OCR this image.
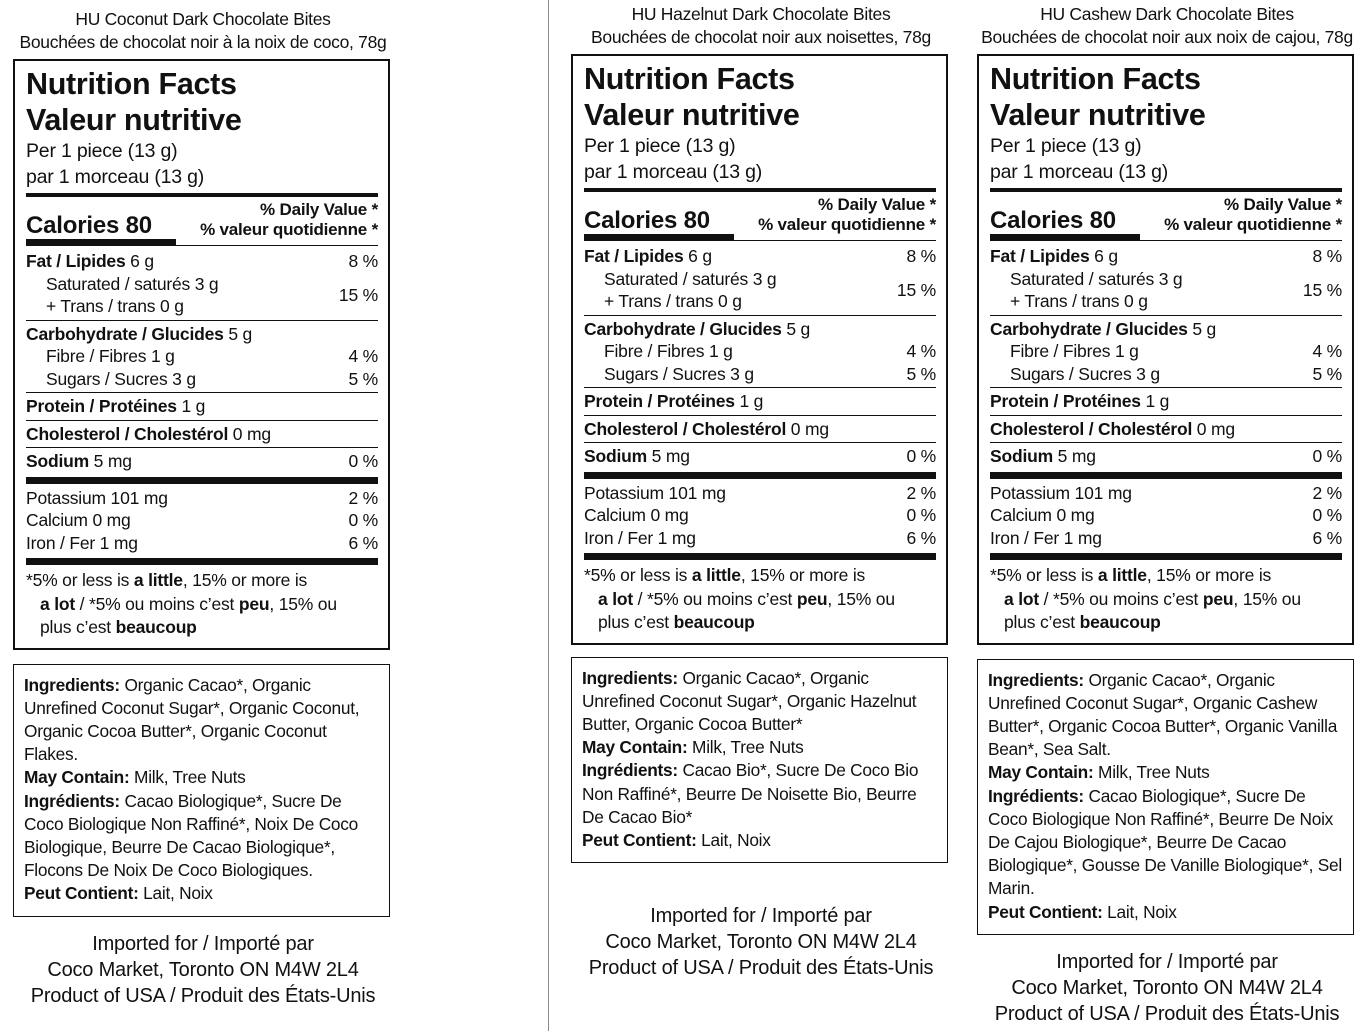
HU Coconut Dark Chocolate Bites
Bouchées de chocolat noir à la noix de coco, 78g
Nutrition Facts
Valeur nutritive
Per 1 piece (13 g)
par 1 morceau (13 g)
Calories 80
% Daily Value *
% valeur quotidienne *
Fat / Lipides 6 g	8 %
Saturated / saturés 3 g
+ Trans / trans 0 g
15 %
Carbohydrate / Glucides 5 g
Fibre / Fibres 1 g	4 %
Sugars / Sucres 3 g	5 %
Protein / Protéines 1 g
Cholesterol / Cholestérol 0 mg
Sodium 5 mg	0 %
Potassium 101 mg	2 %
Calcium 0 mg	0 %
Iron / Fer 1 mg	6 %
*5% or less is a little, 15% or more is
a lot / *5% ou moins c’est peu, 15% ou
plus c’est beaucoup
Ingredients: Organic Cacao*, Organic Unrefined Coconut Sugar*, Organic Coconut, Organic Cocoa Butter*, Organic Coconut Flakes.
May Contain: Milk, Tree Nuts
Ingrédients: Cacao Biologique*, Sucre De Coco Biologique Non Raffiné*, Noix De Coco Biologique, Beurre De Cacao Biologique*, Flocons De Noix De Coco Biologiques.
Peut Contient: Lait, Noix
Imported for / Importé par
Coco Market, Toronto ON M4W 2L4
Product of USA / Produit des États-Unis
HU Hazelnut Dark Chocolate Bites
Bouchées de chocolat noir aux noisettes, 78g
Nutrition Facts
Valeur nutritive
Per 1 piece (13 g)
par 1 morceau (13 g)
Calories 80
% Daily Value *
% valeur quotidienne *
Fat / Lipides 6 g	8 %
Saturated / saturés 3 g
+ Trans / trans 0 g
15 %
Carbohydrate / Glucides 5 g
Fibre / Fibres 1 g	4 %
Sugars / Sucres 3 g	5 %
Protein / Protéines 1 g
Cholesterol / Cholestérol 0 mg
Sodium 5 mg	0 %
Potassium 101 mg	2 %
Calcium 0 mg	0 %
Iron / Fer 1 mg	6 %
*5% or less is a little, 15% or more is
a lot / *5% ou moins c’est peu, 15% ou
plus c’est beaucoup
Ingredients: Organic Cacao*, Organic Unrefined Coconut Sugar*, Organic Hazelnut Butter, Organic Cocoa Butter*
May Contain: Milk, Tree Nuts
Ingrédients: Cacao Bio*, Sucre De Coco Bio Non Raffiné*, Beurre De Noisette Bio, Beurre De Cacao Bio*
Peut Contient: Lait, Noix
Imported for / Importé par
Coco Market, Toronto ON M4W 2L4
Product of USA / Produit des États-Unis
HU Cashew Dark Chocolate Bites
Bouchées de chocolat noir aux noix de cajou, 78g
Nutrition Facts
Valeur nutritive
Per 1 piece (13 g)
par 1 morceau (13 g)
Calories 80
% Daily Value *
% valeur quotidienne *
Fat / Lipides 6 g	8 %
Saturated / saturés 3 g
+ Trans / trans 0 g
15 %
Carbohydrate / Glucides 5 g
Fibre / Fibres 1 g	4 %
Sugars / Sucres 3 g	5 %
Protein / Protéines 1 g
Cholesterol / Cholestérol 0 mg
Sodium 5 mg	0 %
Potassium 101 mg	2 %
Calcium 0 mg	0 %
Iron / Fer 1 mg	6 %
*5% or less is a little, 15% or more is
a lot / *5% ou moins c’est peu, 15% ou
plus c’est beaucoup
Ingredients: Organic Cacao*, Organic Unrefined Coconut Sugar*, Organic Cashew Butter*, Organic Cocoa Butter*, Organic Vanilla Bean*, Sea Salt.
May Contain: Milk, Tree Nuts
Ingrédients: Cacao Biologique*, Sucre De Coco Biologique Non Raffiné*, Beurre De Noix De Cajou Biologique*, Beurre De Cacao Biologique*, Gousse De Vanille Biologique*, Sel Marin.
Peut Contient: Lait, Noix
Imported for / Importé par
Coco Market, Toronto ON M4W 2L4
Product of USA / Produit des États-Unis
